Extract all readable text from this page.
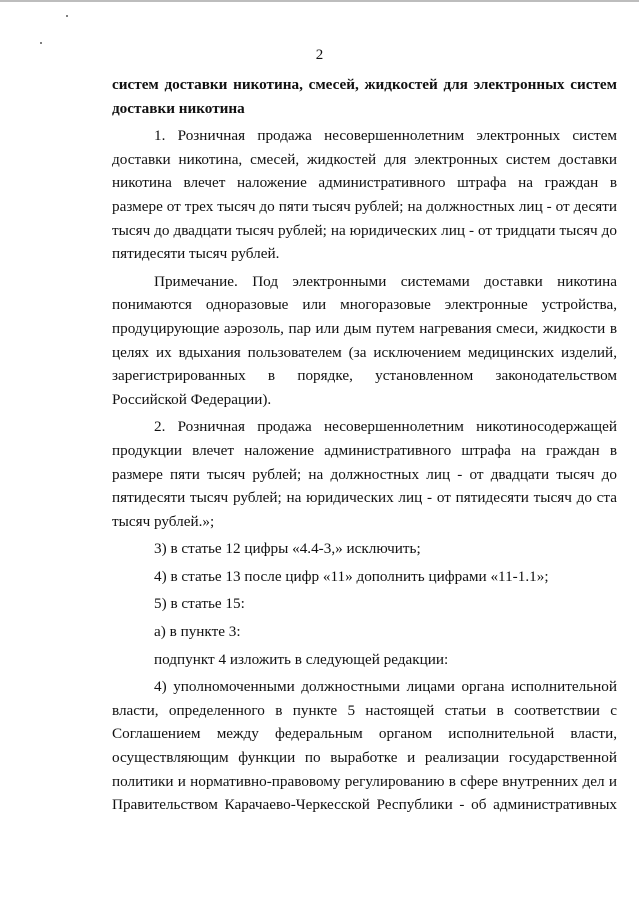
2

систем доставки никотина, смесей, жидкостей для электронных систем доставки никотина

1. Розничная продажа несовершеннолетним электронных систем доставки никотина, смесей, жидкостей для электронных систем доставки никотина влечет наложение административного штрафа на граждан в размере от трех тысяч до пяти тысяч рублей; на должностных лиц - от десяти тысяч до двадцати тысяч рублей; на юридических лиц - от тридцати тысяч до пятидесяти тысяч рублей.

Примечание. Под электронными системами доставки никотина понимаются одноразовые или многоразовые электронные устройства, продуцирующие аэрозоль, пар или дым путем нагревания смеси, жидкости в целях их вдыхания пользователем (за исключением медицинских изделий, зарегистрированных в порядке, установленном законодательством Российской Федерации).

2. Розничная продажа несовершеннолетним никотиносодержащей продукции влечет наложение административного штрафа на граждан в размере пяти тысяч рублей; на должностных лиц - от двадцати тысяч до пятидесяти тысяч рублей; на юридических лиц - от пятидесяти тысяч до ста тысяч рублей.»;

3) в статье 12 цифры «4.4-3,» исключить;

4) в статье 13 после цифр «11» дополнить цифрами «11-1.1»;

5) в статье 15:

а) в пункте 3:

подпункт 4 изложить в следующей редакции:

4) уполномоченными должностными лицами органа исполнительной власти, определенного в пункте 5 настоящей статьи в соответствии с Соглашением между федеральным органом исполнительной власти, осуществляющим функции по выработке и реализации государственной политики и нормативно-правовому регулированию в сфере внутренних дел и Правительством Карачаево-Черкесской Республики - об административных
